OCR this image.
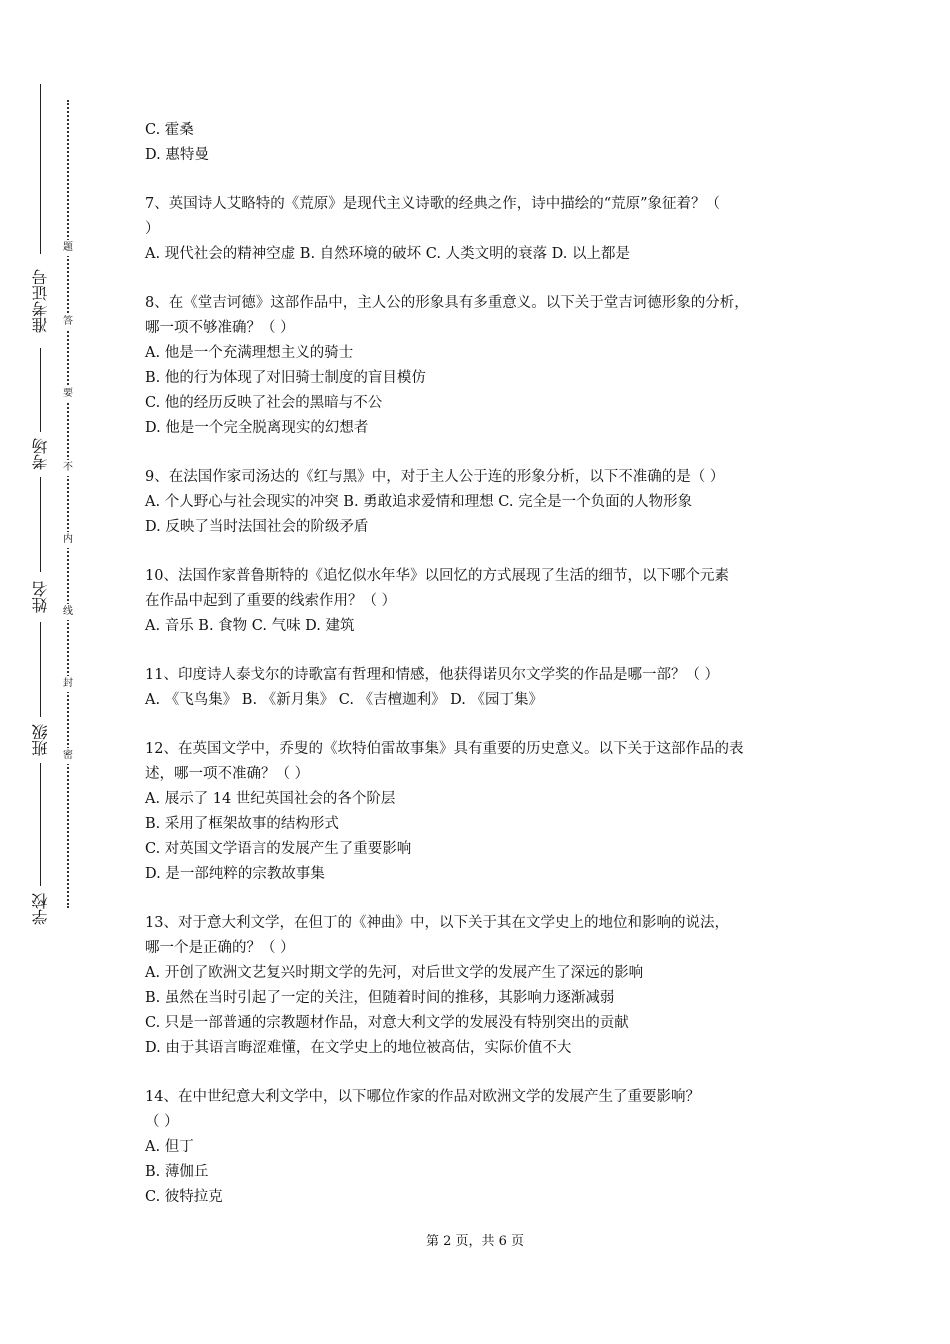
学校
班级
姓名
考场
准考证号
题
答
要
不
内
线
封
密
C. 霍桑
D. 惠特曼
7、英国诗人艾略特的《荒原》是现代主义诗歌的经典之作，诗中描绘的“荒原”象征着？（
）
A. 现代社会的精神空虚 B. 自然环境的破坏 C. 人类文明的衰落 D. 以上都是
8、在《堂吉诃德》这部作品中，主人公的形象具有多重意义。以下关于堂吉诃德形象的分析，
哪一项不够准确？（ ）
A. 他是一个充满理想主义的骑士
B. 他的行为体现了对旧骑士制度的盲目模仿
C. 他的经历反映了社会的黑暗与不公
D. 他是一个完全脱离现实的幻想者
9、在法国作家司汤达的《红与黑》中，对于主人公于连的形象分析，以下不准确的是（ ）
A. 个人野心与社会现实的冲突 B. 勇敢追求爱情和理想 C. 完全是一个负面的人物形象
D. 反映了当时法国社会的阶级矛盾
10、法国作家普鲁斯特的《追忆似水年华》以回忆的方式展现了生活的细节，以下哪个元素
在作品中起到了重要的线索作用？（ ）
A. 音乐 B. 食物 C. 气味 D. 建筑
11、印度诗人泰戈尔的诗歌富有哲理和情感，他获得诺贝尔文学奖的作品是哪一部？（ ）
A. 《飞鸟集》 B. 《新月集》 C. 《吉檀迦利》 D. 《园丁集》
12、在英国文学中，乔叟的《坎特伯雷故事集》具有重要的历史意义。以下关于这部作品的表
述，哪一项不准确？（ ）
A. 展示了 14 世纪英国社会的各个阶层
B. 采用了框架故事的结构形式
C. 对英国文学语言的发展产生了重要影响
D. 是一部纯粹的宗教故事集
13、对于意大利文学，在但丁的《神曲》中，以下关于其在文学史上的地位和影响的说法，
哪一个是正确的？（ ）
A. 开创了欧洲文艺复兴时期文学的先河，对后世文学的发展产生了深远的影响
B. 虽然在当时引起了一定的关注，但随着时间的推移，其影响力逐渐减弱
C. 只是一部普通的宗教题材作品，对意大利文学的发展没有特别突出的贡献
D. 由于其语言晦涩难懂，在文学史上的地位被高估，实际价值不大
14、在中世纪意大利文学中，以下哪位作家的作品对欧洲文学的发展产生了重要影响？
（ ）
A. 但丁
B. 薄伽丘
C. 彼特拉克
第 2 页，共 6 页
